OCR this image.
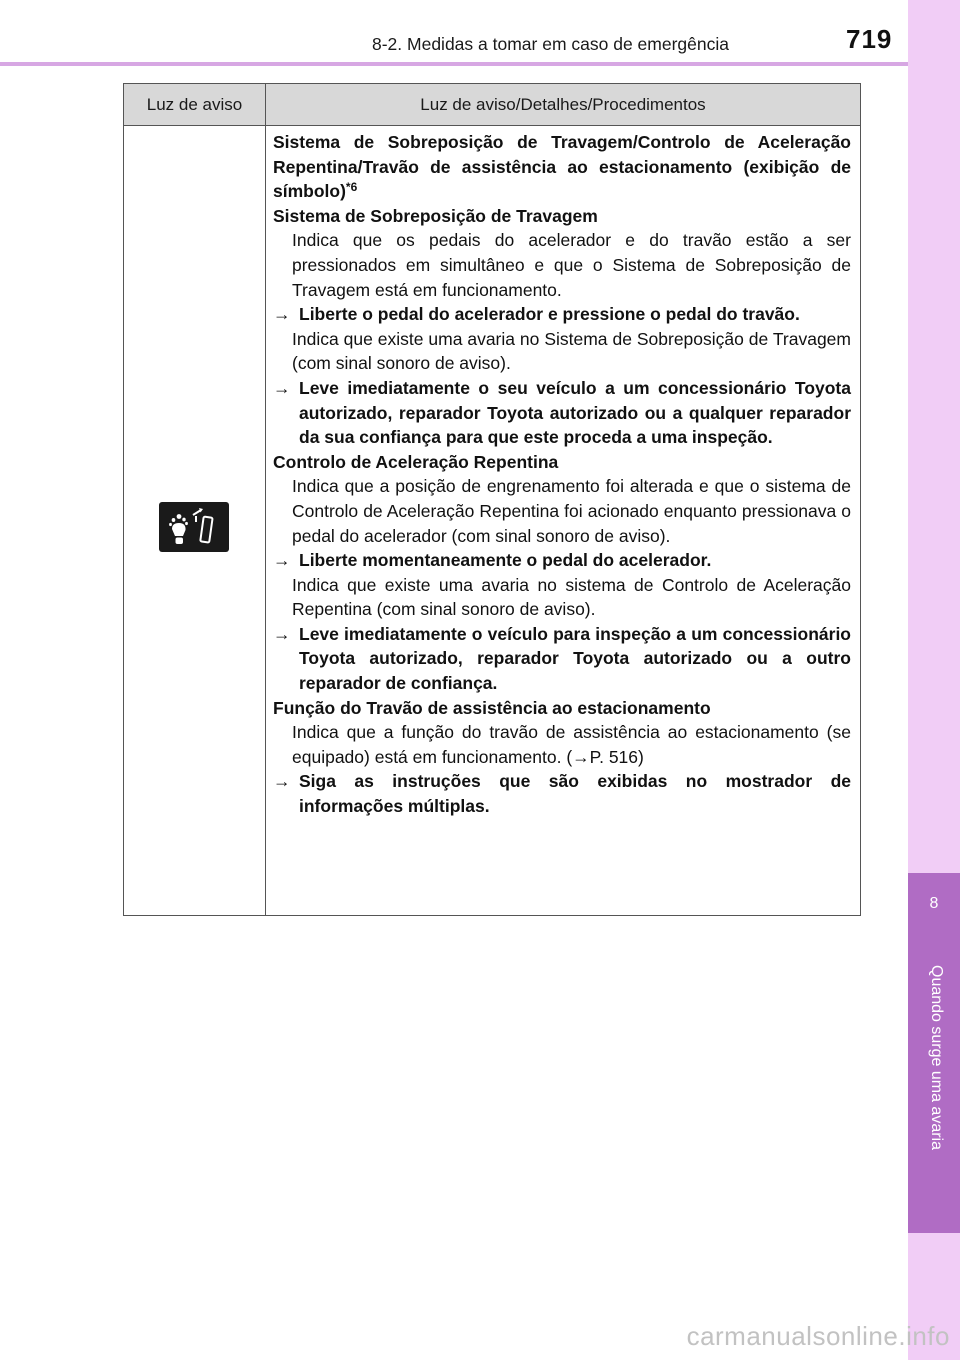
8-2. Medidas a tomar em caso de emergência	719
8
Quando surge uma avaria
Luz de aviso	Luz de aviso/Detalhes/Procedimentos
Sistema de Sobreposição de Travagem/Controlo de Aceleração Repentina/Travão de assistência ao estacionamento (exibição de símbolo)$^{*6}$
Sistema de Sobreposição de Travagem
Indica que os pedais do acelerador e do travão estão a ser pressionados em simultâneo e que o Sistema de Sobreposição de Travagem está em funcionamento.
→ Liberte o pedal do acelerador e pressione o pedal do travão.
Indica que existe uma avaria no Sistema de Sobreposição de Travagem (com sinal sonoro de aviso).
→ Leve imediatamente o seu veículo a um concessionário Toyota autorizado, reparador Toyota autorizado ou a qualquer reparador da sua confiança para que este proceda a uma inspeção.
Controlo de Aceleração Repentina
Indica que a posição de engrenamento foi alterada e que o sistema de Controlo de Aceleração Repentina foi acionado enquanto pressionava o pedal do acelerador (com sinal sonoro de aviso).
→ Liberte momentaneamente o pedal do acelerador.
Indica que existe uma avaria no sistema de Controlo de Aceleração Repentina (com sinal sonoro de aviso).
→ Leve imediatamente o veículo para inspeção a um concessionário Toyota autorizado, reparador Toyota autorizado ou a outro reparador de confiança.
Função do Travão de assistência ao estacionamento
Indica que a função do travão de assistência ao estacionamento (se equipado) está em funcionamento. (→P. 516)
→ Siga as instruções que são exibidas no mostrador de informações múltiplas.
carmanualsonline.info
